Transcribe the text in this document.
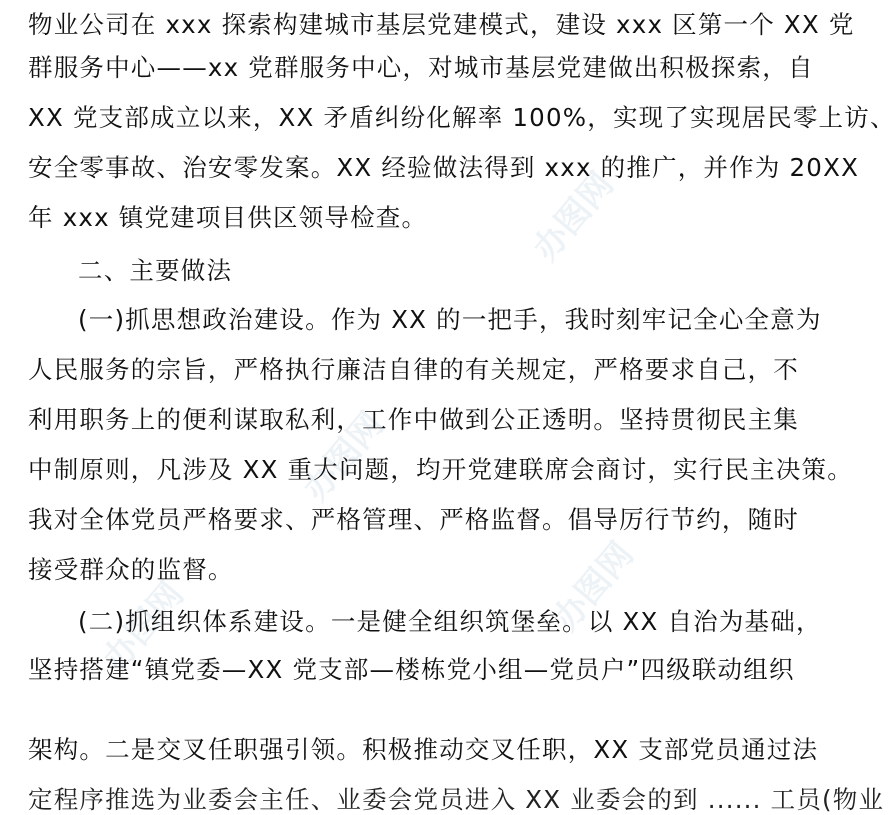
办图网
办图网
办图网	办图网
物业公司在 xxx 探索构建城市基层党建模式，建设 xxx 区第一个 XX 党
群服务中心——xx 党群服务中心，对城市基层党建做出积极探索，自
XX 党支部成立以来，XX 矛盾纠纷化解率 100%，实现了实现居民零上访、
安全零事故、治安零发案。XX 经验做法得到 xxx 的推广，并作为 20XX
年 xxx 镇党建项目供区领导检查。
二、主要做法
(一)抓思想政治建设。作为 XX 的一把手，我时刻牢记全心全意为
人民服务的宗旨，严格执行廉洁自律的有关规定，严格要求自己，不
利用职务上的便利谋取私利，工作中做到公正透明。坚持贯彻民主集
中制原则，凡涉及 XX 重大问题，均开党建联席会商讨，实行民主决策。
我对全体党员严格要求、严格管理、严格监督。倡导厉行节约，随时
接受群众的监督。
(二)抓组织体系建设。一是健全组织筑堡垒。以 XX 自治为基础，
坚持搭建“镇党委—XX 党支部—楼栋党小组—党员户”四级联动组织
架构。二是交叉任职强引领。积极推动交叉任职，XX 支部党员通过法
定程序推选为业委会主任、业委会党员进入 XX 业委会的到 ...... 工员(物业
